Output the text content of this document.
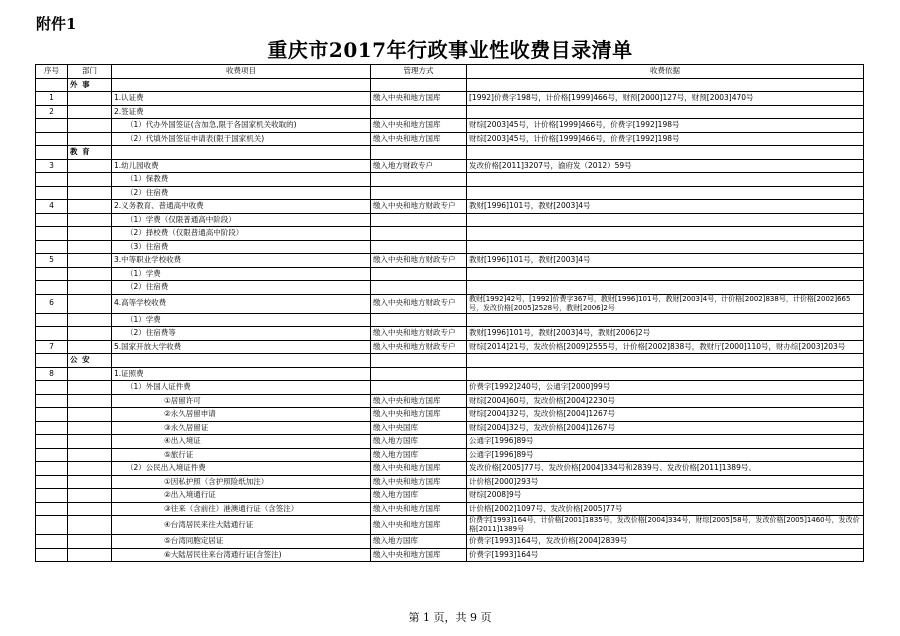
附件1
重庆市2017年行政事业性收费目录清单
序号	部门	收费项目	管理方式	收费依据
	外 事			
1		1.认证费	缴入中央和地方国库	[1992]价费字198号，计价格[1999]466号，财预[2000]127号，财预[2003]470号
2		2.签证费		
		（1）代办外国签证(含加急,限于各国家机关收取的)	缴入中央和地方国库	财综[2003]45号，计价格[1999]466号，价费字[1992]198号
		（2）代填外国签证申请表(限于国家机关)	缴入中央和地方国库	财综[2003]45号，计价格[1999]466号，价费字[1992]198号
	教 育			
3		1.幼儿园收费	缴入地方财政专户	发改价格[2011]3207号，渝府发（2012）59号
		（1）保教费		
		（2）住宿费		
4		2.义务教育、普通高中收费	缴入中央和地方财政专户	教财[1996]101号，教财[2003]4号
		（1）学费（仅限普通高中阶段）		
		（2）择校费（仅限普通高中阶段）		
		（3）住宿费		
5		3.中等职业学校收费	缴入中央和地方财政专户	教财[1996]101号，教财[2003]4号
		（1）学费		
		（2）住宿费		
6		4.高等学校收费	缴入中央和地方财政专户	教财[1992]42号，[1992]价费字367号，教财[1996]101号，教财[2003]4号，计价格[2002]838号，计价格[2002]665号，发改价格[2005]2528号，教财[2006]2号
		（1）学费		
		（2）住宿费等	缴入中央和地方财政专户	教财[1996]101号，教财[2003]4号，教财[2006]2号
7		5.国家开放大学收费	缴入中央和地方财政专户	财综[2014]21号，发改价格[2009]2555号，计价格[2002]838号，教财厅[2000]110号，财办综[2003]203号
	公 安			
8		1.证照费		
		（1）外国人证件费		价费字[1992]240号，公通字[2000]99号
		①居留许可	缴入中央和地方国库	财综[2004]60号，发改价格[2004]2230号
		②永久居留申请	缴入中央和地方国库	财综[2004]32号，发改价格[2004]1267号
		③永久居留证	缴入中央国库	财综[2004]32号，发改价格[2004]1267号
		④出入境证	缴入地方国库	公通字[1996]89号
		⑤旅行证	缴入地方国库	公通字[1996]89号
		（2）公民出入境证件费	缴入中央和地方国库	发改价格[2005]77号、发改价格[2004]334号和2839号、发改价格[2011]1389号、
		①因私护照（含护照险纸加注）	缴入中央和地方国库	计价格[2000]293号
		②出入境通行证	缴入地方国库	财综[2008]9号
		③往来（含前往）港澳通行证（含签注）	缴入中央和地方国库	计价格[2002]1097号、发改价格[2005]77号
		④台湾居民来往大陆通行证	缴入中央和地方国库	价费字[1993]164号，计价格[2001]1835号，发改价格[2004]334号，财综[2005]58号，发改价格[2005]1460号，发改价格[2011]1389号
		⑤台湾同胞定居证	缴入地方国库	价费字[1993]164号，发改价格[2004]2839号
		⑥大陆居民往来台湾通行证(含签注)	缴入中央和地方国库	价费字[1993]164号
第 1 页，共 9 页
